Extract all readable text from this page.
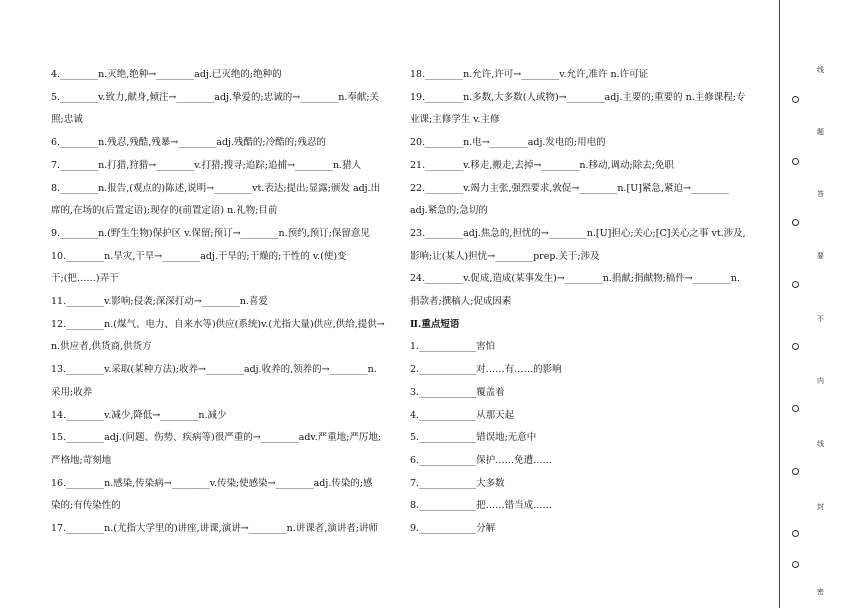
4.________n.灭绝,绝种→________adj.已灭绝的;绝种的
5.________v.致力,献身,倾注→________adj.挚爱的;忠诚的→________n.奉献;关
照;忠诚
6.________n.残忍,残酷,残暴→________adj.残酷的;冷酷的;残忍的
7.________n.打猎,狩猎→________v.打猎;搜寻;追踪;追捕→________n.猎人
8.________n.报告,(观点的)陈述,说明→________vt.表达;提出;显露;颁发 adj.出
席的,在场的(后置定语);现存的(前置定语) n.礼物;目前
9.________n.(野生生物)保护区 v.保留;预订→________n.预约,预订;保留意见
10.________n.旱灾,干旱→________adj.干旱的;干燥的;干性的 v.(使)变
干;(把……)弄干
11.________v.影响;侵袭;深深打动→________n.喜爱
12.________n.(煤气、电力、自来水等)供应(系统)v.(尤指大量)供应,供给,提供→
n.供应者,供货商,供货方
13.________v.采取(某种方法);收养→________adj.收养的,领养的→________n.
采用;收养
14.________v.减少,降低→________n.减少
15.________adj.(问题、伤势、疾病等)很严重的→________adv.严重地;严厉地;
严格地;苛刻地
16.________n.感染,传染病→________v.传染;使感染→________adj.传染的;感
染的;有传染性的
17.________n.(尤指大学里的)讲座,讲课,演讲→________n.讲课者,演讲者;讲师
18.________n.允许,许可→________v.允许,准许 n.许可证
19.________n.多数,大多数(人或物)→________adj.主要的;重要的 n.主修课程;专
业课;主修学生 v.主修
20.________n.电→________adj.发电的;用电的
21.________v.移走,搬走,去掉→________n.移动,调动;除去;免职
22.________v.竭力主张,强烈要求,敦促→________n.[U]紧急,紧迫→________
adj.紧急的;急切的
23.________adj.焦急的,担忧的→________n.[U]担心;关心;[C]关心之事 vt.涉及,
影响;让(某人)担忧→________prep.关于;涉及
24.________v.促成,造成(某事发生)→________n.捐献;捐献物;稿件→________n.
捐款者;撰稿人;促成因素
Ⅱ.重点短语
1.____________害怕
2.____________对……有……的影响
3.____________覆盖着
4.____________从那天起
5.____________错误地;无意中
6.____________保护……免遭……
7.____________大多数
8.____________把……错当成……
9.____________分解
线
题
答
要
不
内
线
封
密
